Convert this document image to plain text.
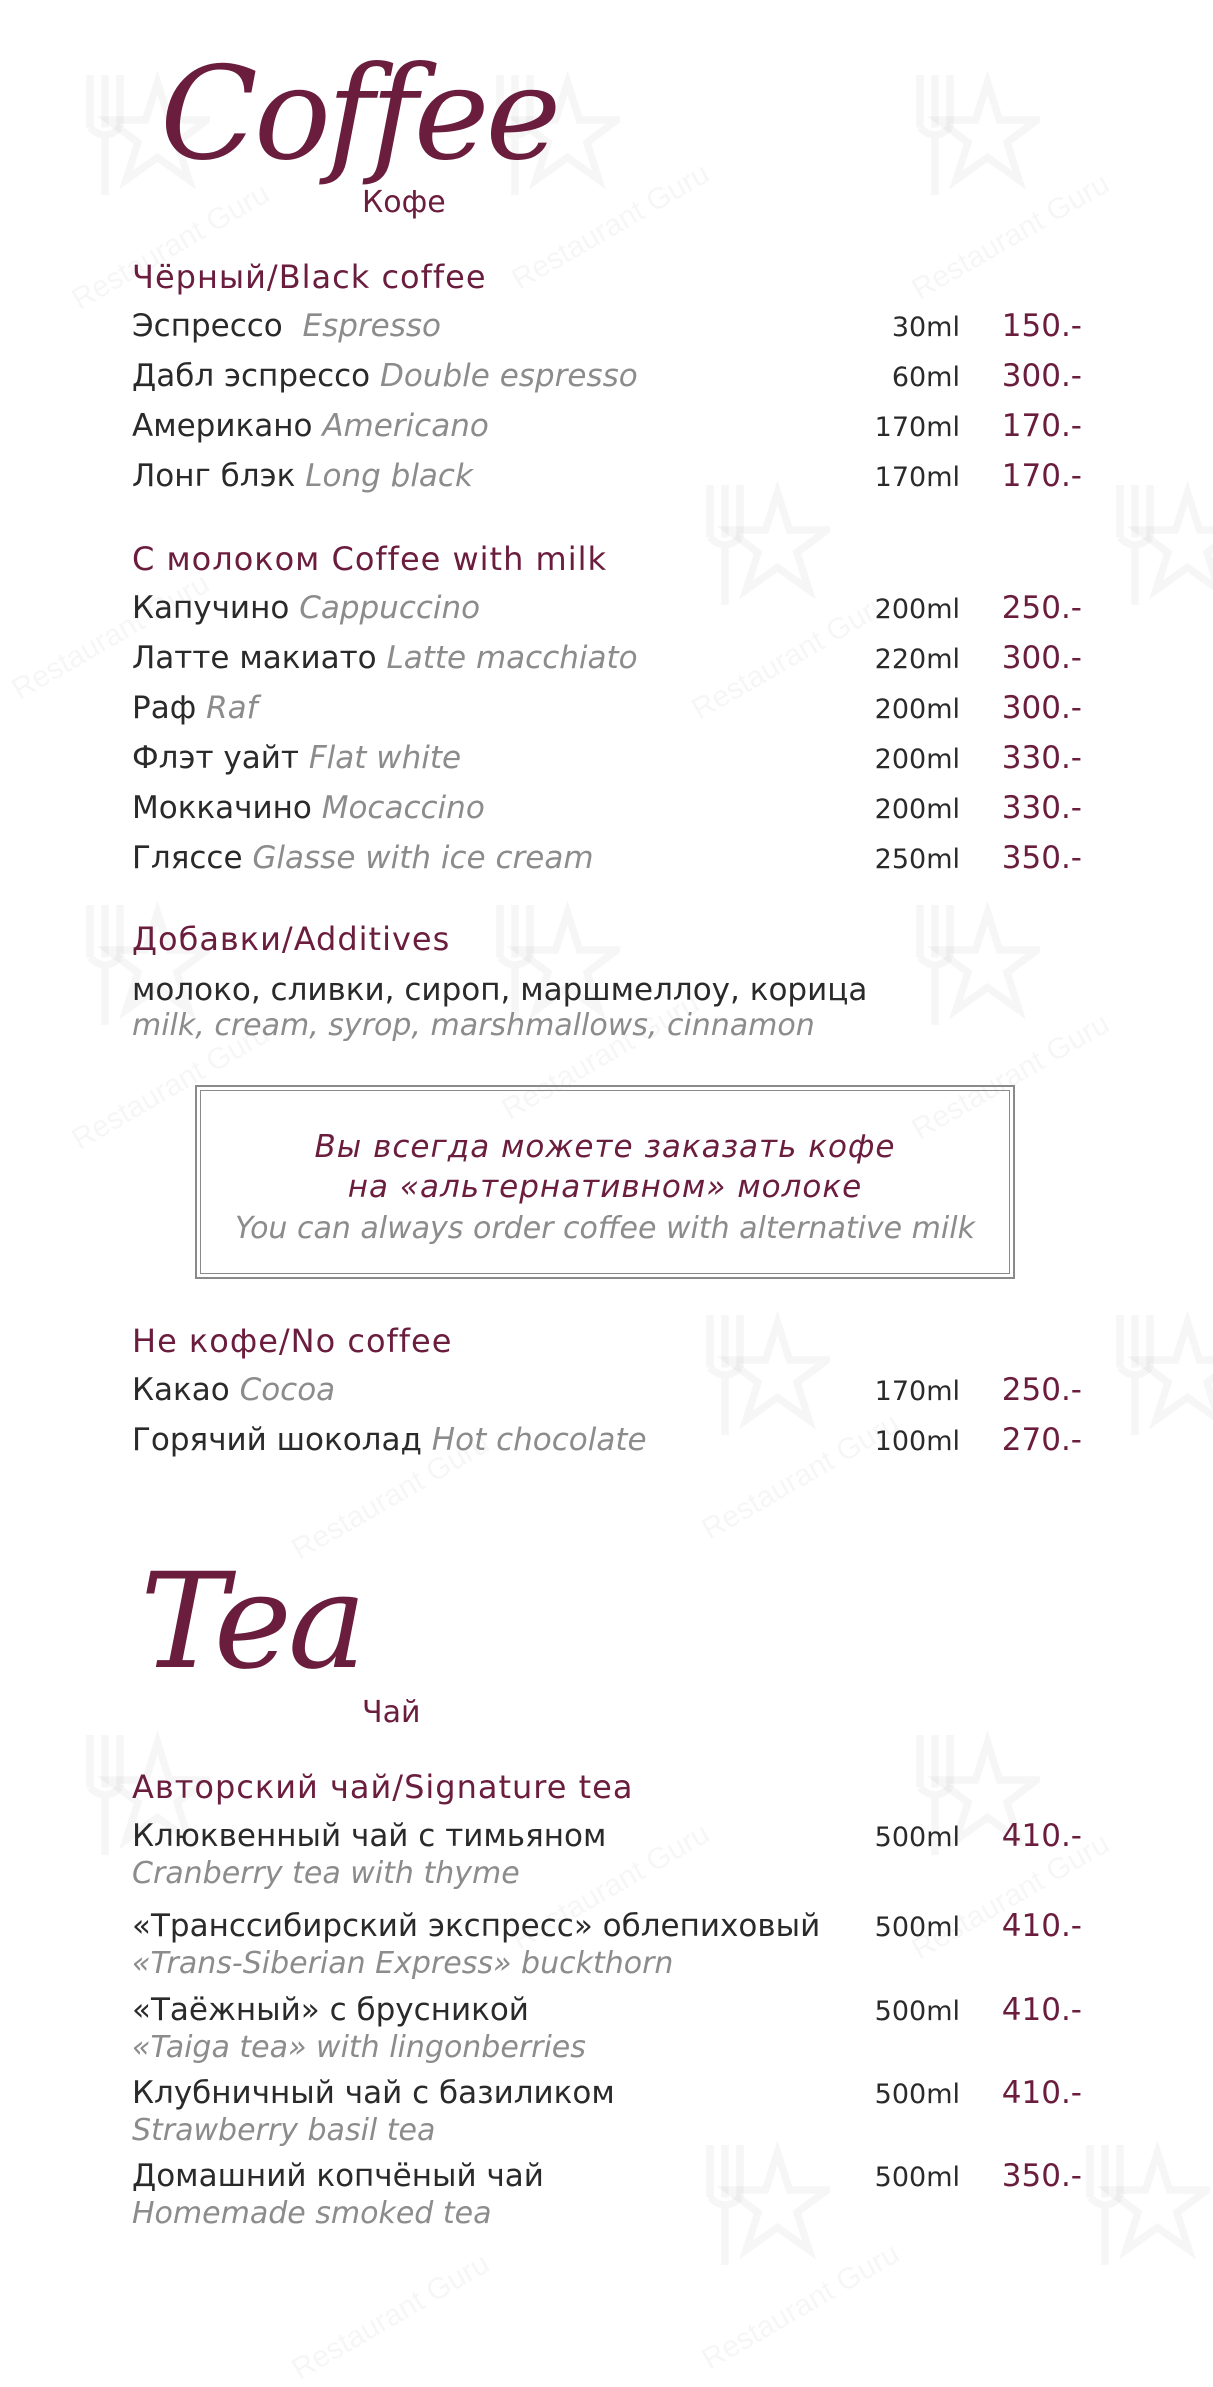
Coffee
Кофе
Чёрный/Black coffee
Эспрессо Espresso	30ml 150.-
Дабл эспрессо Double espresso	60ml 300.-
Американо Americano	170ml 170.-
Лонг блэк Long black	170ml 170.-
С молоком Coffee with milk
Капучино Cappuccino	200ml 250.-
Латте макиато Latte macchiato	220ml 300.-
Раф Raf	200ml 300.-
Флэт уайт Flat white	200ml 330.-
Моккачино Mocaccino	200ml 330.-
Гляссе Glasse with ice cream	250ml 350.-
Добавки/Additives
молоко, сливки, сироп, маршмеллоу, корица
milk, cream, syrop, marshmallows, cinnamon
Вы всегда можете заказать кофе
на «альтернативном» молоке
You can always order coffee with alternative milk
Не кофе/No coffee
Какао Cocoa	170ml 250.-
Горячий шоколад Hot chocolate	100ml 270.-
Tea
Чай
Авторский чай/Signature tea
Клюквенный чай с тимьяном
Cranberry tea with thyme
500ml 410.-
«Транссибирский экспресс» облепиховый
«Trans-Siberian Express» buckthorn
500ml 410.-
«Таёжный» с брусникой
«Taiga tea» with lingonberries
500ml 410.-
Клубничный чай с базиликом
Strawberry basil tea
500ml 410.-
Домашний копчёный чай
Homemade smoked tea
500ml 350.-
